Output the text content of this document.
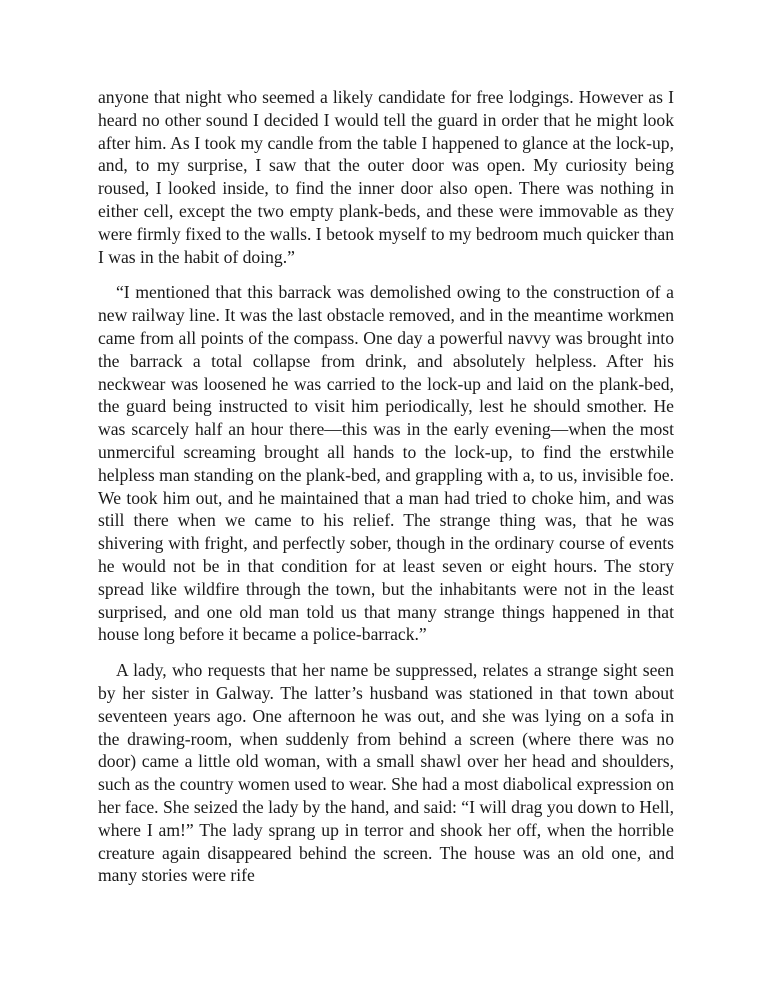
anyone that night who seemed a likely candidate for free lodgings. However as I heard no other sound I decided I would tell the guard in order that he might look after him. As I took my candle from the table I happened to glance at the lock-up, and, to my surprise, I saw that the outer door was open. My curiosity being roused, I looked inside, to find the inner door also open. There was nothing in either cell, except the two empty plank-beds, and these were immovable as they were firmly fixed to the walls. I betook myself to my bedroom much quicker than I was in the habit of doing.”

“I mentioned that this barrack was demolished owing to the construction of a new railway line. It was the last obstacle removed, and in the meantime workmen came from all points of the compass. One day a powerful navvy was brought into the barrack a total collapse from drink, and absolutely helpless. After his neckwear was loosened he was carried to the lock-up and laid on the plank-bed, the guard being instructed to visit him periodically, lest he should smother. He was scarcely half an hour there—this was in the early evening—when the most unmerciful screaming brought all hands to the lock-up, to find the erstwhile helpless man standing on the plank-bed, and grappling with a, to us, invisible foe. We took him out, and he maintained that a man had tried to choke him, and was still there when we came to his relief. The strange thing was, that he was shivering with fright, and perfectly sober, though in the ordinary course of events he would not be in that condition for at least seven or eight hours. The story spread like wildfire through the town, but the inhabitants were not in the least surprised, and one old man told us that many strange things happened in that house long before it became a police-barrack.”

A lady, who requests that her name be suppressed, relates a strange sight seen by her sister in Galway. The latter’s husband was stationed in that town about seventeen years ago. One afternoon he was out, and she was lying on a sofa in the drawing-room, when suddenly from behind a screen (where there was no door) came a little old woman, with a small shawl over her head and shoulders, such as the country women used to wear. She had a most diabolical expression on her face. She seized the lady by the hand, and said: “I will drag you down to Hell, where I am!” The lady sprang up in terror and shook her off, when the horrible creature again disappeared behind the screen. The house was an old one, and many stories were rife
